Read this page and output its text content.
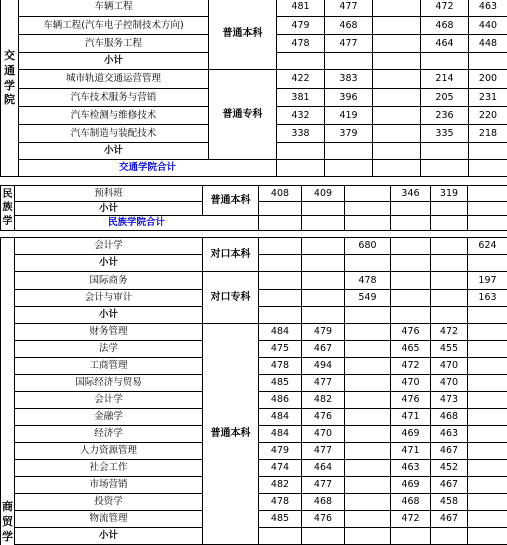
交通学院	车辆工程	普通本科	481	477		472	463
	车辆工程(汽车电子控制技术方向)		479	468		468	440
	汽车服务工程		478	477		464	448
	小计						
	城市轨道交通运营管理	普通专科	422	383		214	200
	汽车技术服务与营销		381	396		205	231
	汽车检测与维修技术		432	419		236	220
	汽车制造与装配技术		338	379		335	218
	小计						
	交通学院合计						
民族学	预科班	普通本科	408	409		346	319	
	小计							
	民族学院合计							
商贸学	会计学	对口本科			680			624
	小计							
	国际商务	对口专科			478			197
	会计与审计				549			163
	小计							
	财务管理	普通本科	484	479		476	472	
	法学		475	467		465	455	
	工商管理		478	494		472	470	
	国际经济与贸易		485	477		470	470	
	会计学		486	482		476	473	
	金融学		484	476		471	468	
	经济学		484	470		469	463	
	人力资源管理		479	477		471	467	
	社会工作		474	464		463	452	
	市场营销		482	477		469	467	
	投资学		478	468		468	458	
	物流管理		485	476		472	467	
	小计							
